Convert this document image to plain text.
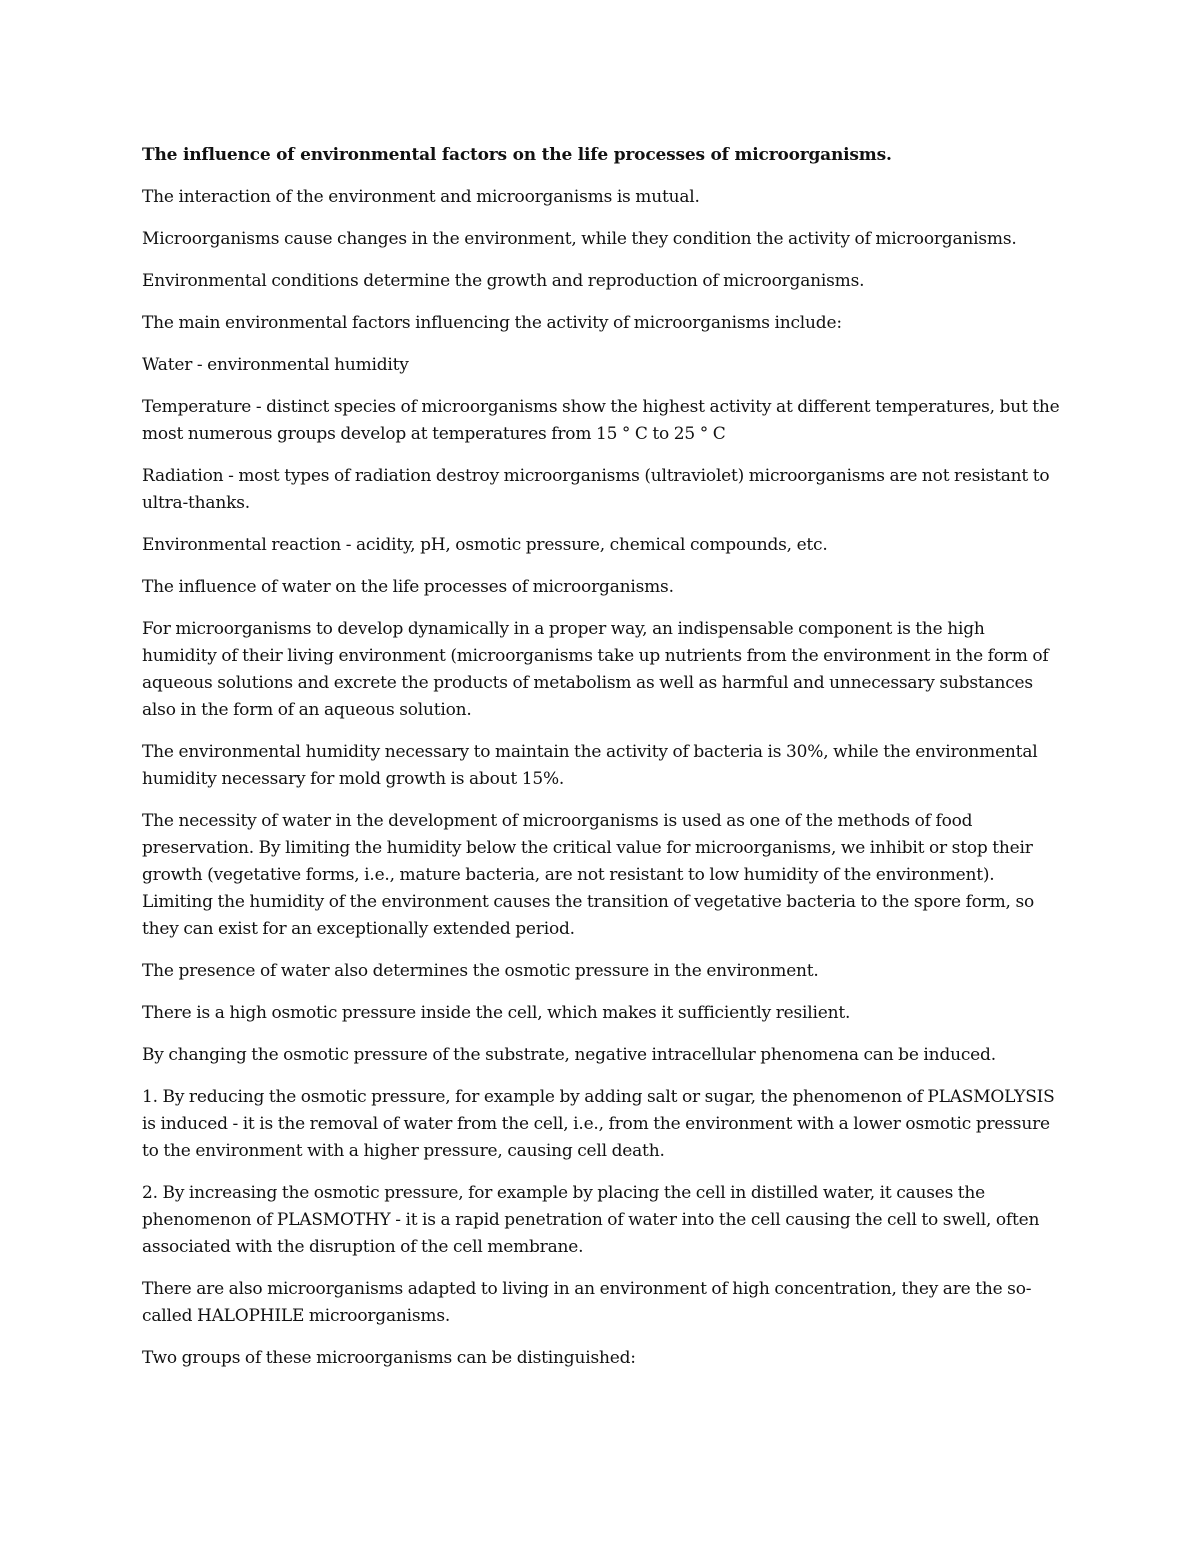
The influence of environmental factors on the life processes of microorganisms.

The interaction of the environment and microorganisms is mutual.

Microorganisms cause changes in the environment, while they condition the activity of microorganisms.

Environmental conditions determine the growth and reproduction of microorganisms.

The main environmental factors influencing the activity of microorganisms include:

Water - environmental humidity

Temperature - distinct species of microorganisms show the highest activity at different temperatures, but the most numerous groups develop at temperatures from 15 ° C to 25 ° C

Radiation - most types of radiation destroy microorganisms (ultraviolet) microorganisms are not resistant to ultra-thanks.

Environmental reaction - acidity, pH, osmotic pressure, chemical compounds, etc.

The influence of water on the life processes of microorganisms.

For microorganisms to develop dynamically in a proper way, an indispensable component is the high humidity of their living environment (microorganisms take up nutrients from the environment in the form of aqueous solutions and excrete the products of metabolism as well as harmful and unnecessary substances also in the form of an aqueous solution.

The environmental humidity necessary to maintain the activity of bacteria is 30%, while the environmental humidity necessary for mold growth is about 15%.

The necessity of water in the development of microorganisms is used as one of the methods of food preservation. By limiting the humidity below the critical value for microorganisms, we inhibit or stop their growth (vegetative forms, i.e., mature bacteria, are not resistant to low humidity of the environment). Limiting the humidity of the environment causes the transition of vegetative bacteria to the spore form, so they can exist for an exceptionally extended period.

The presence of water also determines the osmotic pressure in the environment.

There is a high osmotic pressure inside the cell, which makes it sufficiently resilient.

By changing the osmotic pressure of the substrate, negative intracellular phenomena can be induced.

1. By reducing the osmotic pressure, for example by adding salt or sugar, the phenomenon of PLASMOLYSIS is induced - it is the removal of water from the cell, i.e., from the environment with a lower osmotic pressure to the environment with a higher pressure, causing cell death.

2. By increasing the osmotic pressure, for example by placing the cell in distilled water, it causes the phenomenon of PLASMOTHY - it is a rapid penetration of water into the cell causing the cell to swell, often associated with the disruption of the cell membrane.

There are also microorganisms adapted to living in an environment of high concentration, they are the so-called HALOPHILE microorganisms.

Two groups of these microorganisms can be distinguished:
